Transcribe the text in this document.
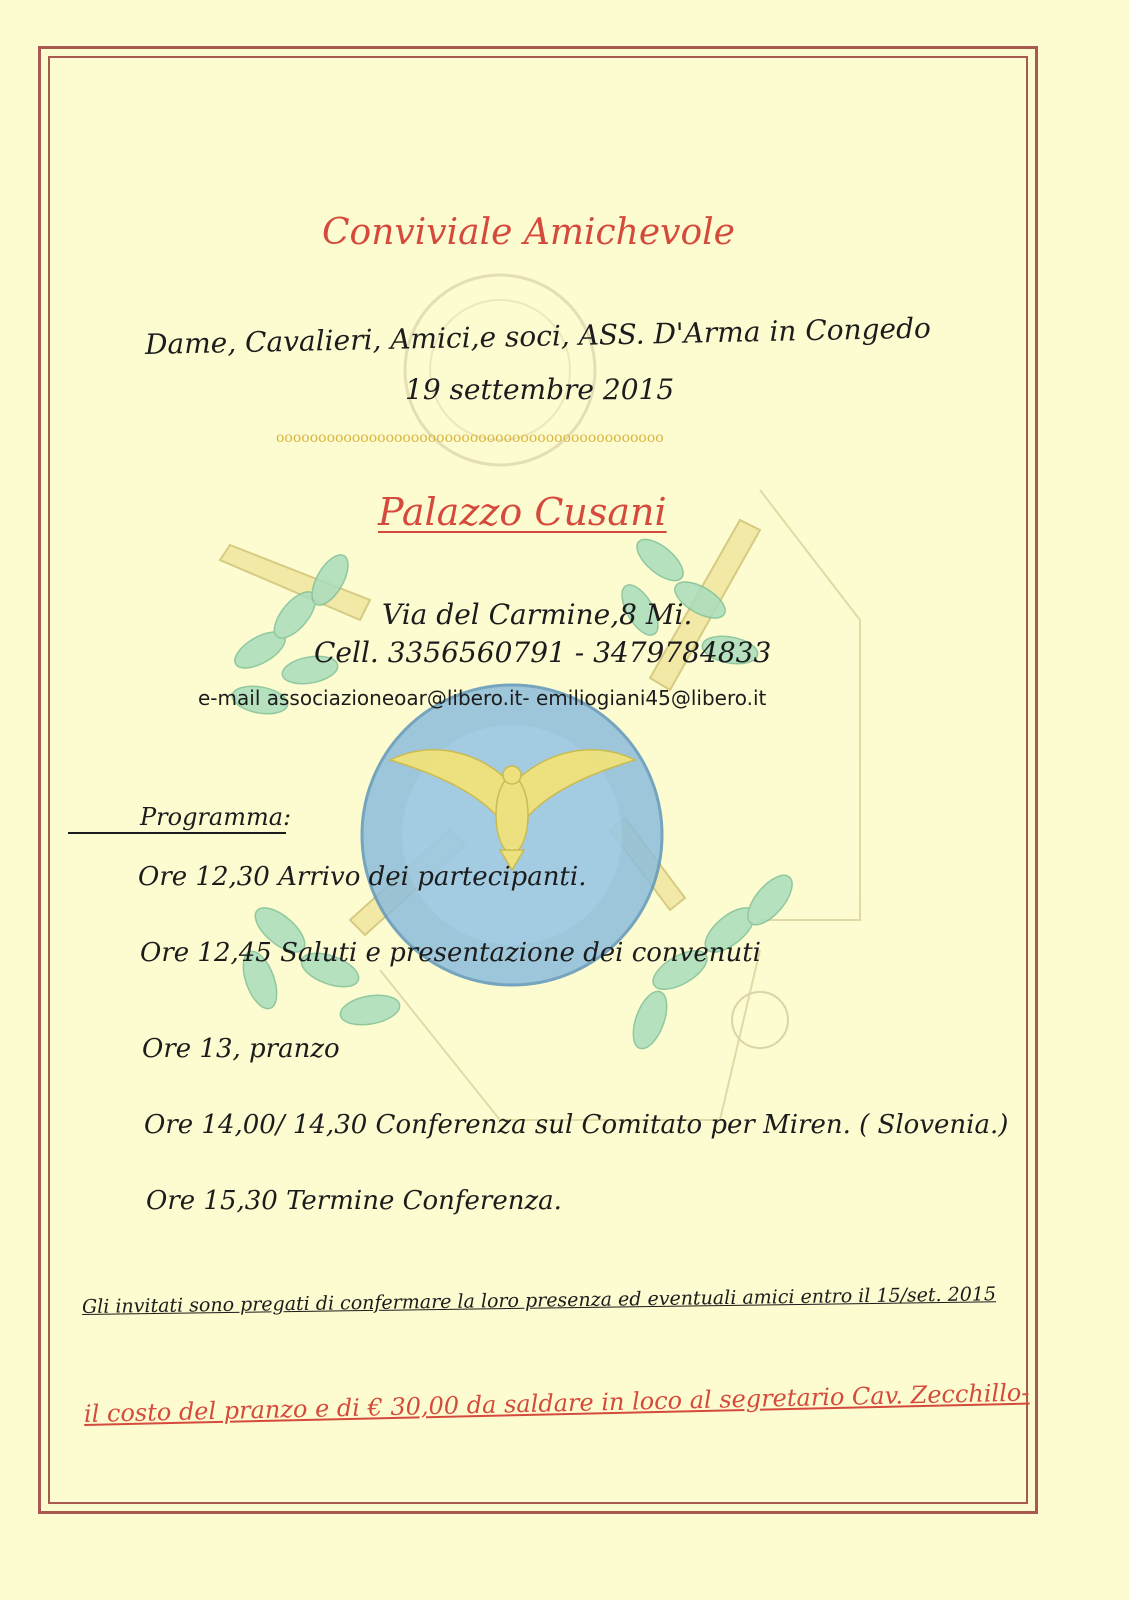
Conviviale Amichevole
Dame, Cavalieri, Amici,e soci, ASS. D'Arma in Congedo
19 settembre 2015
oooooooooooooooooooooooooooooooooooooooooooooo
Palazzo Cusani
Via del Carmine,8 Mi.
Cell. 3356560791 - 3479784833
e-mail associazioneoar@libero.it- emiliogiani45@libero.it
Programma:
Ore 12,30 Arrivo dei partecipanti.
Ore 12,45 Saluti e presentazione dei convenuti
Ore 13, pranzo
Ore 14,00/ 14,30 Conferenza sul Comitato per Miren. ( Slovenia.)
Ore 15,30 Termine Conferenza.
Gli invitati sono pregati di confermare la loro presenza ed eventuali amici entro il 15/set. 2015
il costo del pranzo e di € 30,00 da saldare in loco al segretario Cav. Zecchillo-
